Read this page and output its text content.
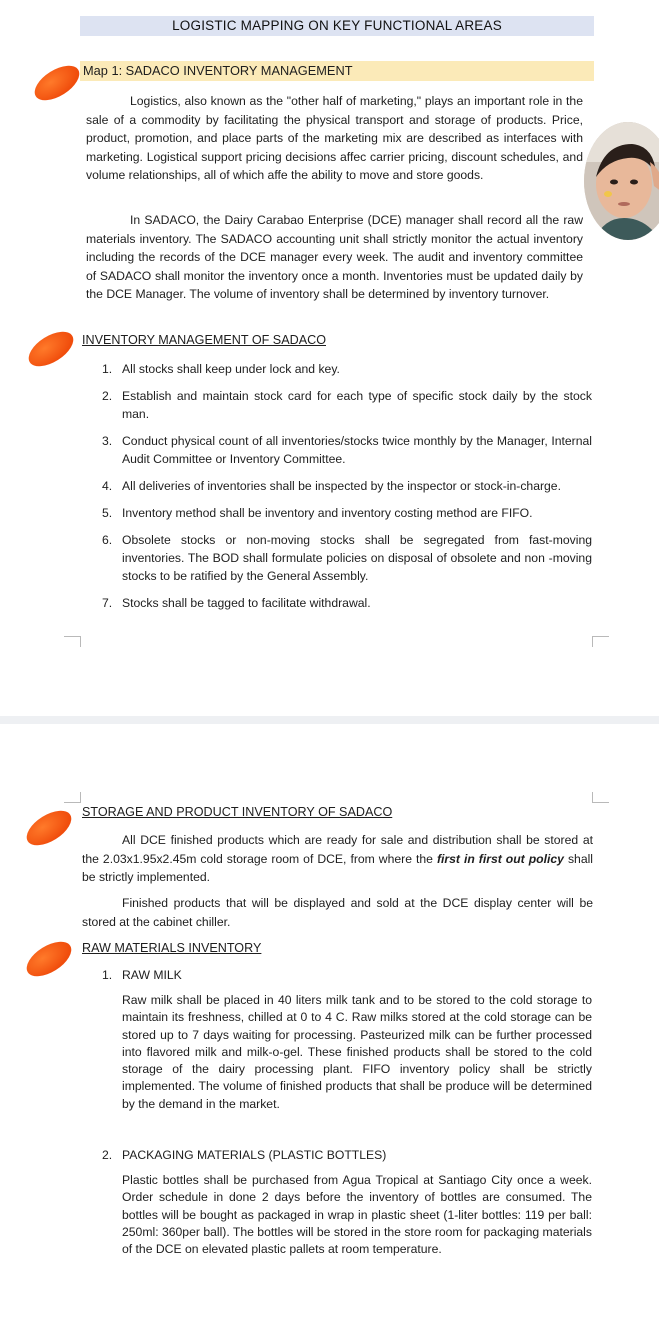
LOGISTIC MAPPING ON KEY FUNCTIONAL AREAS
Map 1: SADACO INVENTORY MANAGEMENT
Logistics, also known as the "other half of marketing," plays an important role in the sale of a commodity by facilitating the physical transport and storage of products. Price, product, promotion, and place parts of the marketing mix are described as interfaces with marketing. Logistical support pricing decisions affec carrier pricing, discount schedules, and volume relationships, all of which affe the ability to move and store goods.
In SADACO, the Dairy Carabao Enterprise (DCE) manager shall record all the raw materials inventory. The SADACO accounting unit shall strictly monitor the actual inventory including the records of the DCE manager every week. The audit and inventory committee of SADACO shall monitor the inventory once a month. Inventories must be updated daily by the DCE Manager. The volume of inventory shall be determined by inventory turnover.
INVENTORY MANAGEMENT OF SADACO
1. All stocks shall keep under lock and key.
2. Establish and maintain stock card for each type of specific stock daily by the stock man.
3. Conduct physical count of all inventories/stocks twice monthly by the Manager, Internal Audit Committee or Inventory Committee.
4. All deliveries of inventories shall be inspected by the inspector or stock-in-charge.
5. Inventory method shall be inventory and inventory costing method are FIFO.
6. Obsolete stocks or non-moving stocks shall be segregated from fast-moving inventories. The BOD shall formulate policies on disposal of obsolete and non -moving stocks to be ratified by the General Assembly.
7. Stocks shall be tagged to facilitate withdrawal.
STORAGE AND PRODUCT INVENTORY OF SADACO
All DCE finished products which are ready for sale and distribution shall be stored at the 2.03x1.95x2.45m cold storage room of DCE, from where the first in first out policy shall be strictly implemented.
Finished products that will be displayed and sold at the DCE display center will be stored at the cabinet chiller.
RAW MATERIALS INVENTORY
1. RAW MILK
Raw milk shall be placed in 40 liters milk tank and to be stored to the cold storage to maintain its freshness, chilled at 0 to 4 C. Raw milks stored at the cold storage can be stored up to 7 days waiting for processing. Pasteurized milk can be further processed into flavored milk and milk-o-gel. These finished products shall be stored to the cold storage of the dairy processing plant. FIFO inventory policy shall be strictly implemented. The volume of finished products that shall be produce will be determined by the demand in the market.
2. PACKAGING MATERIALS (PLASTIC BOTTLES)
Plastic bottles shall be purchased from Agua Tropical at Santiago City once a week. Order schedule in done 2 days before the inventory of bottles are consumed. The bottles will be bought as packaged in wrap in plastic sheet (1-liter bottles: 119 per ball: 250ml: 360per ball). The bottles will be stored in the store room for packaging materials of the DCE on elevated plastic pallets at room temperature.
